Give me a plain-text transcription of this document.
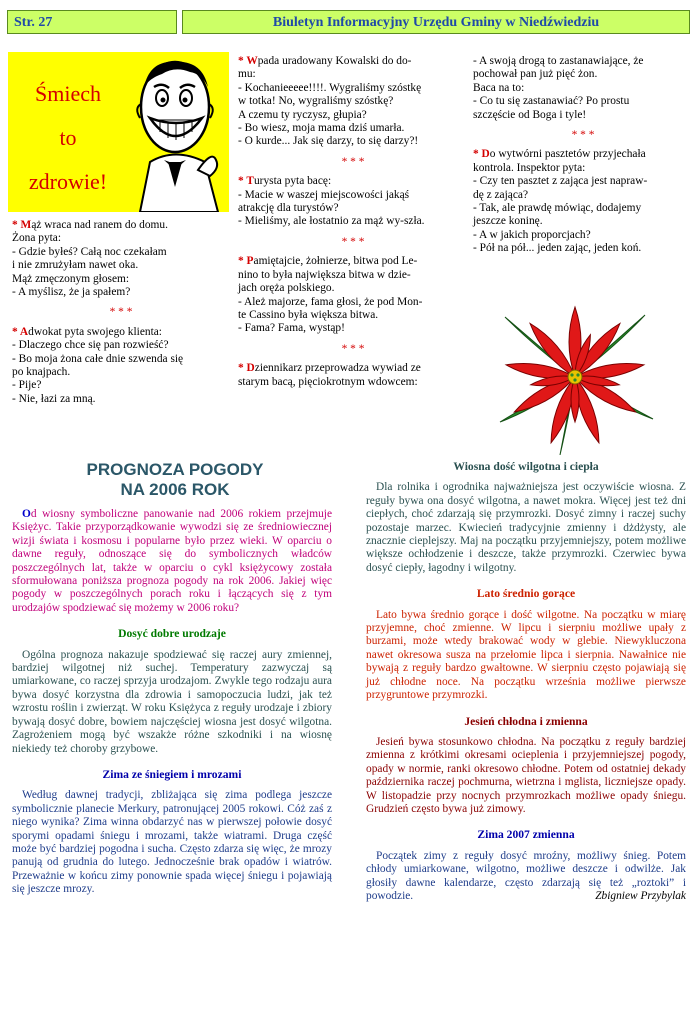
Str. 27	Biuletyn Informacyjny Urzędu Gminy w Niedźwiedziu
Śmiech
to
zdrowie!

* Mąż wraca nad ranem do domu.

Żona pyta:

- Gdzie byłeś? Całą noc czekałam

i nie zmrużyłam nawet oka.

Mąż zmęczonym głosem:

- A myślisz, że ja spałem?

* * *

* Adwokat pyta swojego klienta:

- Dlaczego chce się pan rozwieść?

- Bo moja żona całe dnie szwenda się

po knajpach.

- Pije?

- Nie, łazi za mną.

* Wpada uradowany Kowalski do do-

mu:

- Kochanieeeee!!!!. Wygraliśmy szóstkę

w totka! No, wygraliśmy szóstkę?

A czemu ty ryczysz, głupia?

- Bo wiesz, moja mama dziś umarła.

- O kurde... Jak się darzy, to się darzy?!

* * *

* Turysta pyta bacę:

- Macie w waszej miejscowości jakąś

atrakcję dla turystów?

- Mieliśmy, ale łostatnio za mąż wy-szła.

* * *

* Pamiętajcie, żołnierze, bitwa pod Le-

nino to była największa bitwa w dzie-

jach oręża polskiego.

- Ależ majorze, fama głosi, że pod Mon-

te Cassino była większa bitwa.

- Fama? Fama, wystąp!

* * *

* Dziennikarz przeprowadza wywiad ze

starym bacą, pięciokrotnym wdowcem:

- A swoją drogą to zastanawiające, że

pochował pan już pięć żon.

Baca na to:

- Co tu się zastanawiać? Po prostu

szczęście od Boga i tyle!

* * *

* Do wytwórni pasztetów przyjechała

kontrola. Inspektor pyta:

- Czy ten pasztet z zająca jest napraw-

dę z zająca?

- Tak, ale prawdę mówiąc, dodajemy

jeszcze koninę.

- A w jakich proporcjach?

- Pół na pół... jeden zając, jeden koń.

PROGNOZA POGODY
NA 2006 ROK

Od wiosny symboliczne panowanie nad 2006 rokiem przejmuje Księżyc. Takie przyporządkowanie wywodzi się ze średniowiecznej wizji świata i kosmosu i popularne było przez wieki. W oparciu o dawne reguły, odnoszące się do symbolicznych władców poszczególnych lat, także w oparciu o cykl księżycowy została sformułowana poniższa prognoza pogody na rok 2006. Jakiej więc pogody w poszczególnych porach roku i łączących się z tym urodzajów spodziewać się możemy w 2006 roku?

Dosyć dobre urodzaje

Ogólna prognoza nakazuje spodziewać się raczej aury zmiennej, bardziej wilgotnej niż suchej. Temperatury zazwyczaj są umiarkowane, co raczej sprzyja urodzajom. Zwykle tego rodzaju aura bywa dosyć korzystna dla zdrowia i samopoczucia ludzi, jak też wzrostu roślin i zwierząt. W roku Księżyca z reguły urodzaje i zbiory bywają dosyć dobre, bowiem najczęściej wiosna jest dosyć wilgotna. Zagrożeniem mogą być wszakże różne szkodniki i na wiosnę niekiedy też choroby grzybowe.

Zima ze śniegiem i mrozami

Według dawnej tradycji, zbliżająca się zima podlega jeszcze symbolicznie planecie Merkury, patronującej 2005 rokowi. Cóż zaś z niego wynika? Zima winna obdarzyć nas w pierwszej połowie dosyć sporymi opadami śniegu i mrozami, także wiatrami. Druga część może być bardziej pogodna i sucha. Często zdarza się więc, że mrozy panują od grudnia do lutego. Jednocześnie brak opadów i wiatrów. Przeważnie w końcu zimy ponownie spada więcej śniegu i pojawiają się jeszcze mrozy.

Wiosna dość wilgotna i ciepła

Dla rolnika i ogrodnika najważniejsza jest oczywiście wiosna. Z reguły bywa ona dosyć wilgotna, a nawet mokra. Więcej jest też dni ciepłych, choć zdarzają się przymrozki. Dosyć zimny i raczej suchy pozostaje marzec. Kwiecień tradycyjnie zmienny i dżdżysty, ale znacznie cieplejszy. Maj na początku przyjemniejszy, potem możliwe większe ochłodzenie i deszcze, także przymrozki. Czerwiec bywa dosyć ciepły, łagodny i wilgotny.

Lato średnio gorące

Lato bywa średnio gorące i dość wilgotne. Na początku w miarę przyjemne, choć zmienne. W lipcu i sierpniu możliwe upały z burzami, może wtedy brakować wody w glebie. Niewykluczona nawet okresowa susza na przełomie lipca i sierpnia. Nawałnice nie bywają z reguły bardzo gwałtowne. W sierpniu często pojawiają się już chłodne noce. Na początku września możliwe pierwsze przygruntowe przymrozki.

Jesień chłodna i zmienna

Jesień bywa stosunkowo chłodna. Na początku z reguły bardziej zmienna z krótkimi okresami ocieplenia i przyjemniejszej pogody, opady w normie, ranki okresowo chłodne. Potem od ostatniej dekady października raczej pochmurna, wietrzna i mglista, liczniejsze opady. W listopadzie przy nocnych przymrozkach możliwe opady śniegu. Grudzień często bywa już zimowy.

Zima 2007 zmienna

Początek zimy z reguły dosyć mroźny, możliwy śnieg. Potem chłody umiarkowane, wilgotno, możliwe deszcze i odwilże. Jak głosiły dawne kalendarze, często zdarzają się też „roztoki” i powodzie.	Zbigniew Przybylak
